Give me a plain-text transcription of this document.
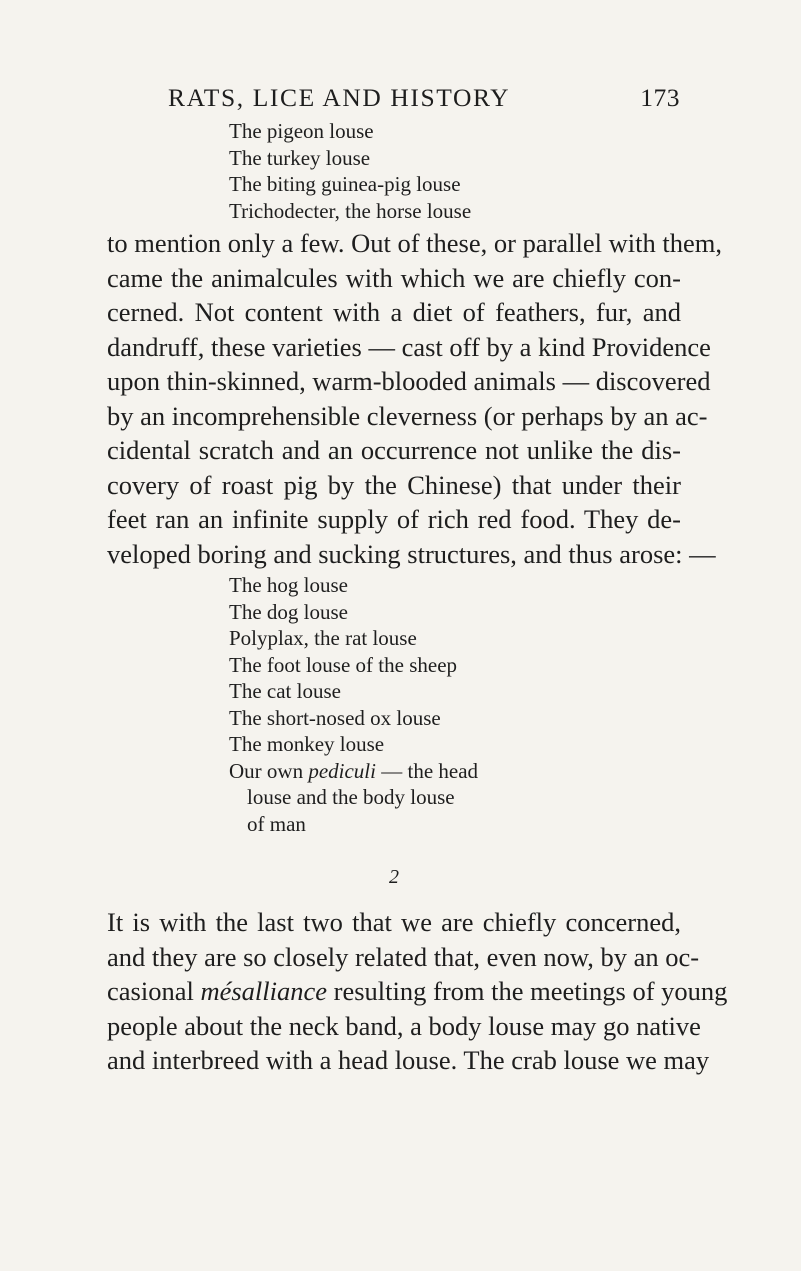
RATS, LICE AND HISTORY	173
The pigeon louse
The turkey louse
The biting guinea-pig louse
Trichodecter, the horse louse
to mention only a few. Out of these, or parallel with them,
came the animalcules with which we are chiefly con-
cerned. Not content with a diet of feathers, fur, and
dandruff, these varieties — cast off by a kind Providence
upon thin-skinned, warm-blooded animals — discovered
by an incomprehensible cleverness (or perhaps by an ac-
cidental scratch and an occurrence not unlike the dis-
covery of roast pig by the Chinese) that under their
feet ran an infinite supply of rich red food. They de-
veloped boring and sucking structures, and thus arose: —
The hog louse
The dog louse
Polyplax, the rat louse
The foot louse of the sheep
The cat louse
The short-nosed ox louse
The monkey louse
Our own pediculi — the head
louse and the body louse
of man
2
It is with the last two that we are chiefly concerned,
and they are so closely related that, even now, by an oc-
casional mésalliance resulting from the meetings of young
people about the neck band, a body louse may go native
and interbreed with a head louse. The crab louse we may
